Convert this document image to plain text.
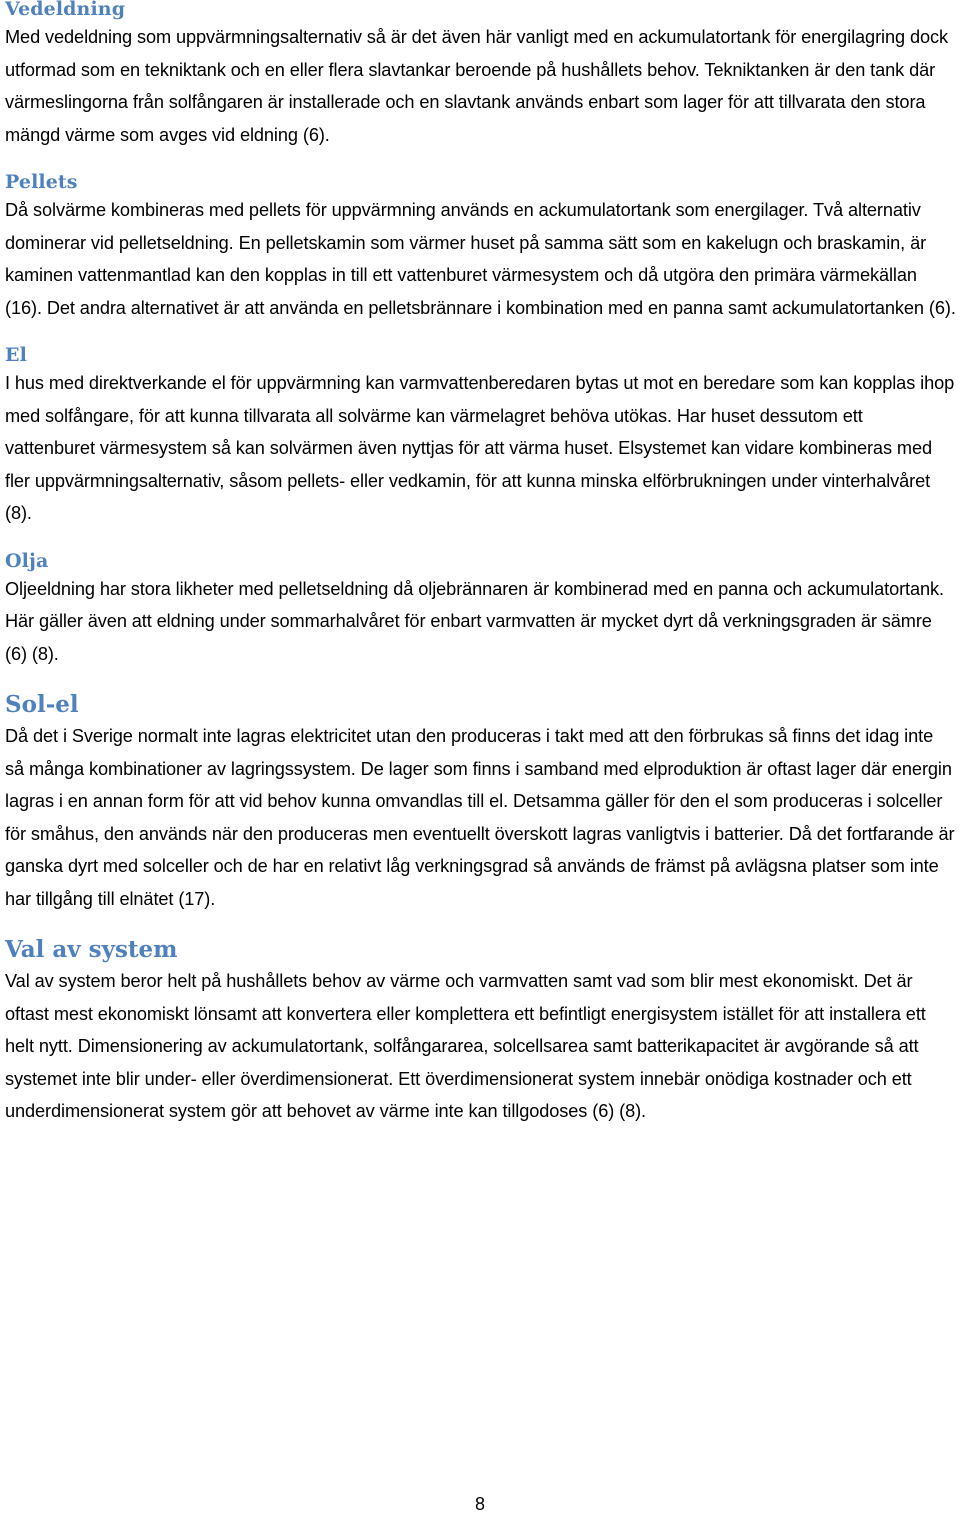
Vedeldning

Med vedeldning som uppvärmningsalternativ så är det även här vanligt med en ackumulatortank för energilagring dock utformad som en tekniktank och en eller flera slavtankar beroende på hushållets behov. Tekniktanken är den tank där värmeslingorna från solfångaren är installerade och en slavtank används enbart som lager för att tillvarata den stora mängd värme som avges vid eldning (6).

Pellets

Då solvärme kombineras med pellets för uppvärmning används en ackumulatortank som energilager. Två alternativ dominerar vid pelletseldning. En pelletskamin som värmer huset på samma sätt som en kakelugn och braskamin, är kaminen vattenmantlad kan den kopplas in till ett vattenburet värmesystem och då utgöra den primära värmekällan (16). Det andra alternativet är att använda en pelletsbrännare i kombination med en panna samt ackumulatortanken (6).

El

I hus med direktverkande el för uppvärmning kan varmvattenberedaren bytas ut mot en beredare som kan kopplas ihop med solfångare, för att kunna tillvarata all solvärme kan värmelagret behöva utökas. Har huset dessutom ett vattenburet värmesystem så kan solvärmen även nyttjas för att värma huset. Elsystemet kan vidare kombineras med fler uppvärmningsalternativ, såsom pellets- eller vedkamin, för att kunna minska elförbrukningen under vinterhalvåret (8).

Olja

Oljeeldning har stora likheter med pelletseldning då oljebrännaren är kombinerad med en panna och ackumulatortank. Här gäller även att eldning under sommarhalvåret för enbart varmvatten är mycket dyrt då verkningsgraden är sämre (6) (8).

Sol-el

Då det i Sverige normalt inte lagras elektricitet utan den produceras i takt med att den förbrukas så finns det idag inte så många kombinationer av lagringssystem. De lager som finns i samband med elproduktion är oftast lager där energin lagras i en annan form för att vid behov kunna omvandlas till el. Detsamma gäller för den el som produceras i solceller för småhus, den används när den produceras men eventuellt överskott lagras vanligtvis i batterier. Då det fortfarande är ganska dyrt med solceller och de har en relativt låg verkningsgrad så används de främst på avlägsna platser som inte har tillgång till elnätet (17).

Val av system

Val av system beror helt på hushållets behov av värme och varmvatten samt vad som blir mest ekonomiskt. Det är oftast mest ekonomiskt lönsamt att konvertera eller komplettera ett befintligt energisystem istället för att installera ett helt nytt. Dimensionering av ackumulatortank, solfångararea, solcellsarea samt batterikapacitet är avgörande så att systemet inte blir under- eller överdimensionerat. Ett överdimensionerat system innebär onödiga kostnader och ett underdimensionerat system gör att behovet av värme inte kan tillgodoses (6) (8).

8
